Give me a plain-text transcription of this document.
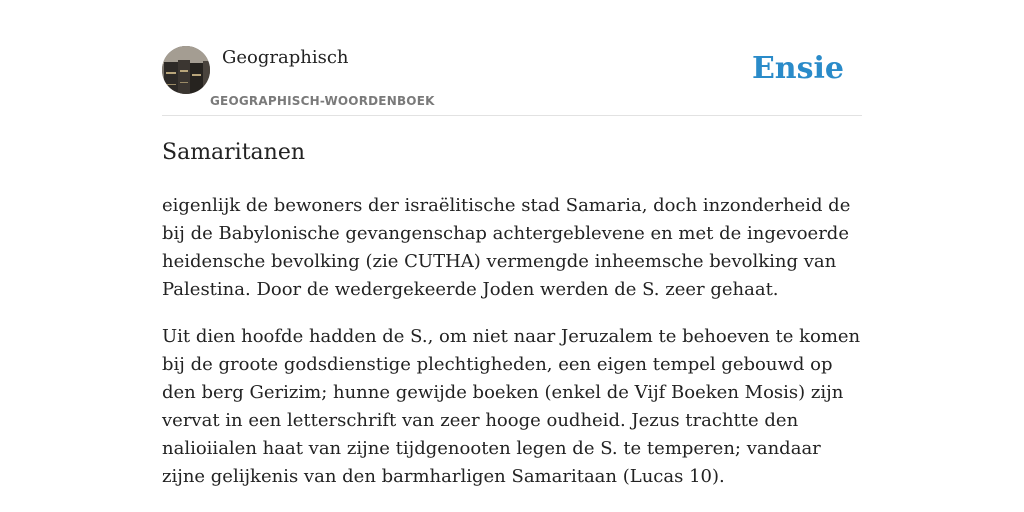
Geographisch
GEOGRAPHISCH-WOORDENBOEK
Ensie
Samaritanen

eigenlijk de bewoners der israëlitische stad Samaria, doch inzonderheid de bij de Babylonische gevangenschap achtergeblevene en met de ingevoerde heidensche bevolking (zie CUTHA) vermengde inheemsche bevolking van Palestina. Door de wedergekeerde Joden werden de S. zeer gehaat.

Uit dien hoofde hadden de S., om niet naar Jeruzalem te behoeven te komen bij de groote godsdienstige plechtigheden, een eigen tempel gebouwd op den berg Gerizim; hunne gewijde boeken (enkel de Vijf Boeken Mosis) zijn vervat in een letterschrift van zeer hooge oudheid. Jezus trachtte den nalioiialen haat van zijne tijdgenooten legen de S. te temperen; vandaar zijne gelijkenis van den barmharligen Samaritaan (Lucas 10).
